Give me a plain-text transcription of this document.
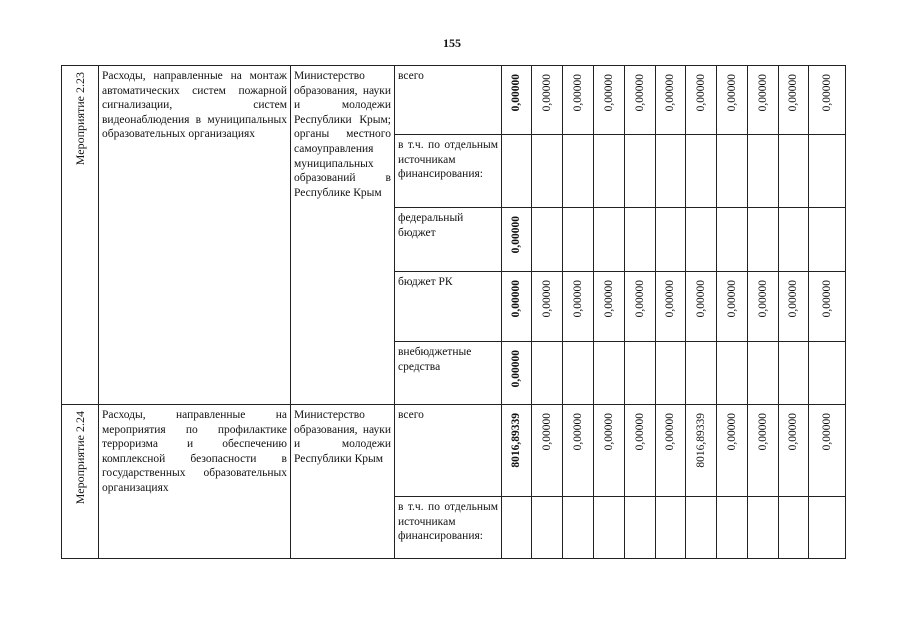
155
Мероприятие 2.23	Расходы, направленные на монтаж автоматических систем пожарной сигнализации, систем видеонаблюдения в муниципальных образовательных организациях	Министерство образования, науки и молодежи Республики Крым; органы местного самоуправления муниципальных образований в Республике Крым	всего	0,00000	0,00000	0,00000	0,00000	0,00000	0,00000	0,00000	0,00000	0,00000	0,00000	0,00000

			в т.ч. по отдельным источникам финансирования:											

			федеральный бюджет	0,00000										

			бюджет РК	0,00000	0,00000	0,00000	0,00000	0,00000	0,00000	0,00000	0,00000	0,00000	0,00000	0,00000

			внебюджетные средства	0,00000										
Мероприятие 2.24	Расходы, направленные на мероприятия по профилактике терроризма и обеспечению комплексной безопасности в государственных образовательных организациях	Министерство образования, науки и молодежи Республики Крым	всего	8016,89339	0,00000	0,00000	0,00000	0,00000	0,00000	8016,89339	0,00000	0,00000	0,00000	0,00000

			в т.ч. по отдельным источникам финансирования:											
